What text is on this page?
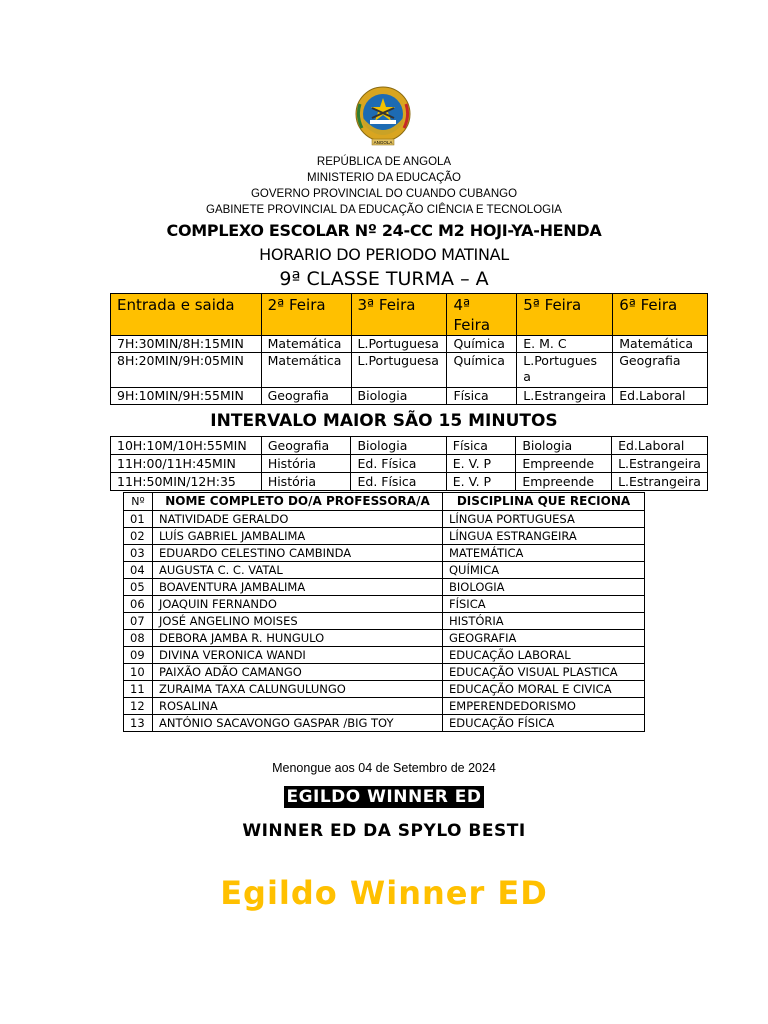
ANGOLA
REPÚBLICA DE ANGOLA
MINISTERIO DA EDUCAÇÃO
GOVERNO PROVINCIAL DO CUANDO CUBANGO
GABINETE PROVINCIAL DA EDUCAÇÃO CIÊNCIA E TECNOLOGIA
COMPLEXO ESCOLAR Nº 24-CC M2 HOJI-YA-HENDA
HORARIO DO PERIODO MATINAL
9ª CLASSE TURMA – A
Entrada e saida	2ª Feira	3ª Feira	4ª Feira	5ª Feira	6ª Feira
7H:30MIN/8H:15MIN	Matemática	L.Portuguesa	Química	E. M. C	Matemática
8H:20MIN/9H:05MIN	Matemática	L.Portuguesa	Química	L.Portugues a	Geografia
9H:10MIN/9H:55MIN	Geografia	Biologia	Física	L.Estrangeira	Ed.Laboral
INTERVALO MAIOR SÃO 15 MINUTOS
10H:10M/10H:55MIN	Geografia	Biologia	Física	Biologia	Ed.Laboral
11H:00/11H:45MIN	História	Ed. Física	E. V. P	Empreende	L.Estrangeira
11H:50MIN/12H:35	História	Ed. Física	E. V. P	Empreende	L.Estrangeira
Nº	NOME COMPLETO DO/A PROFESSORA/A	DISCIPLINA QUE RECIONA
01	NATIVIDADE GERALDO	LÍNGUA PORTUGUESA
02	LUÍS GABRIEL JAMBALIMA	LÍNGUA ESTRANGEIRA
03	EDUARDO CELESTINO CAMBINDA	MATEMÁTICA
04	AUGUSTA C. C. VATAL	QUÍMICA
05	BOAVENTURA JAMBALIMA	BIOLOGIA
06	JOAQUIN FERNANDO	FÍSICA
07	JOSÉ ANGELINO MOISES	HISTÓRIA
08	DEBORA JAMBA R. HUNGULO	GEOGRAFIA
09	DIVINA VERONICA WANDI	EDUCAÇÃO LABORAL
10	PAIXÃO ADÃO CAMANGO	EDUCAÇÃO VISUAL PLASTICA
11	ZURAIMA TAXA CALUNGULUNGO	EDUCAÇÃO MORAL E CIVICA
12	ROSALINA	EMPERENDEDORISMO
13	ANTÓNIO SACAVONGO GASPAR /BIG TOY	EDUCAÇÃO FÍSICA
Menongue aos 04 de Setembro de 2024
EGILDO WINNER ED
WINNER ED DA SPYLO BESTI
Egildo Winner ED
